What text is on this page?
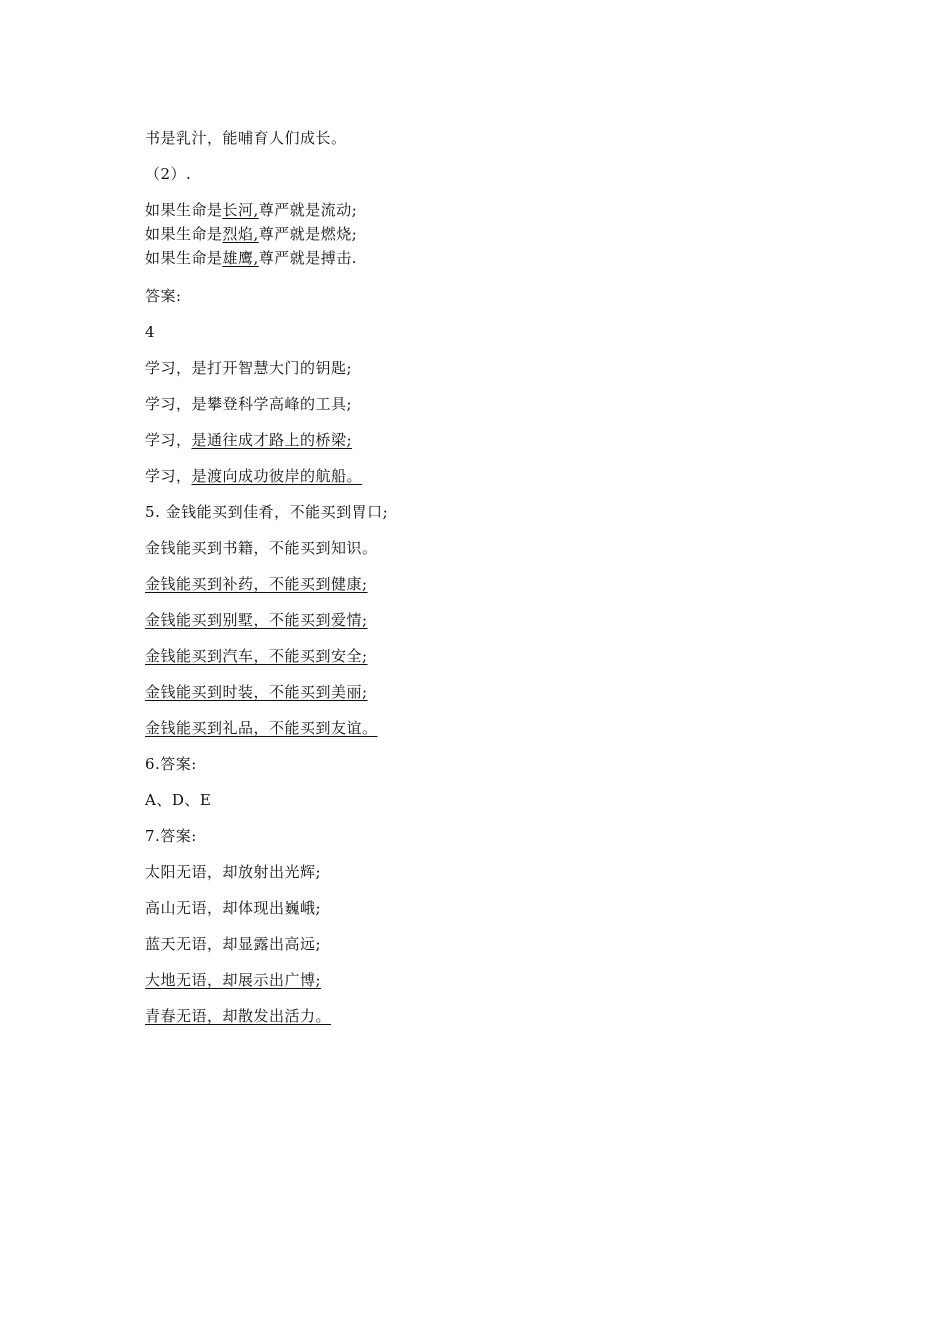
书是乳汁，能哺育人们成长。
（2）.
如果生命是长河,尊严就是流动;
如果生命是烈焰,尊严就是燃烧;
如果生命是雄鹰,尊严就是搏击.
答案:
4
学习，是打开智慧大门的钥匙;
学习，是攀登科学高峰的工具;
学习，是通往成才路上的桥梁;
学习，是渡向成功彼岸的航船。
5. 金钱能买到佳肴，不能买到胃口;
金钱能买到书籍，不能买到知识。
金钱能买到补药，不能买到健康;
金钱能买到别墅，不能买到爱情;
金钱能买到汽车，不能买到安全;
金钱能买到时装，不能买到美丽;
金钱能买到礼品，不能买到友谊。
6.答案:
A、D、E
7.答案:
太阳无语，却放射出光辉;
高山无语，却体现出巍峨;
蓝天无语，却显露出高远;
大地无语，却展示出广博;
青春无语，却散发出活力。
